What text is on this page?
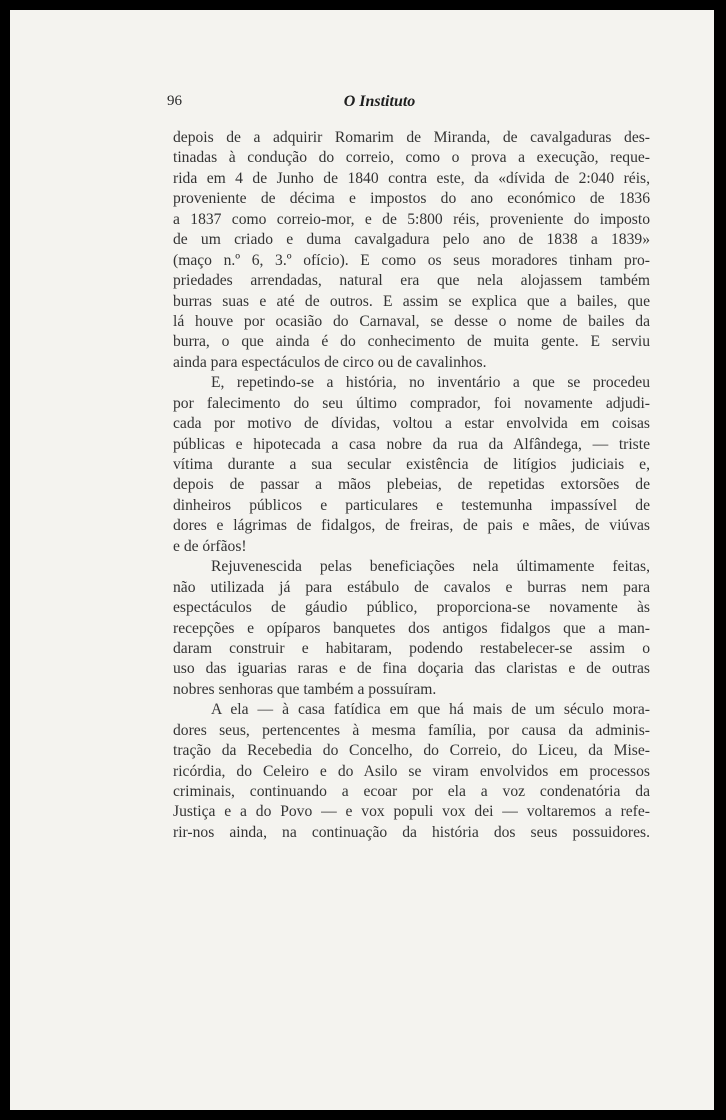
96	O Instituto
depois de a adquirir Romarim de Miranda, de cavalgaduras des-
tinadas à condução do correio, como o prova a execução, reque-
rida em 4 de Junho de 1840 contra este, da «dívida de 2:040 réis,
proveniente de décima e impostos do ano económico de 1836
a 1837 como correio-mor, e de 5:800 réis, proveniente do imposto
de um criado e duma cavalgadura pelo ano de 1838 a 1839»
(maço n.º 6, 3.º ofício). E como os seus moradores tinham pro-
priedades arrendadas, natural era que nela alojassem também
burras suas e até de outros. E assim se explica que a bailes, que
lá houve por ocasião do Carnaval, se desse o nome de bailes da
burra, o que ainda é do conhecimento de muita gente. E serviu
ainda para espectáculos de circo ou de cavalinhos.
E, repetindo-se a história, no inventário a que se procedeu
por falecimento do seu último comprador, foi novamente adjudi-
cada por motivo de dívidas, voltou a estar envolvida em coisas
públicas e hipotecada a casa nobre da rua da Alfândega, — triste
vítima durante a sua secular existência de litígios judiciais e,
depois de passar a mãos plebeias, de repetidas extorsões de
dinheiros públicos e particulares e testemunha impassível de
dores e lágrimas de fidalgos, de freiras, de pais e mães, de viúvas
e de órfãos!
Rejuvenescida pelas beneficiações nela últimamente feitas,
não utilizada já para estábulo de cavalos e burras nem para
espectáculos de gáudio público, proporciona-se novamente às
recepções e opíparos banquetes dos antigos fidalgos que a man-
daram construir e habitaram, podendo restabelecer-se assim o
uso das iguarias raras e de fina doçaria das claristas e de outras
nobres senhoras que também a possuíram.
A ela — à casa fatídica em que há mais de um século mora-
dores seus, pertencentes à mesma família, por causa da adminis-
tração da Recebedia do Concelho, do Correio, do Liceu, da Mise-
ricórdia, do Celeiro e do Asilo se viram envolvidos em processos
criminais, continuando a ecoar por ela a voz condenatória da
Justiça e a do Povo — e vox populi vox dei — voltaremos a refe-
rir-nos ainda, na continuação da história dos seus possuidores.
